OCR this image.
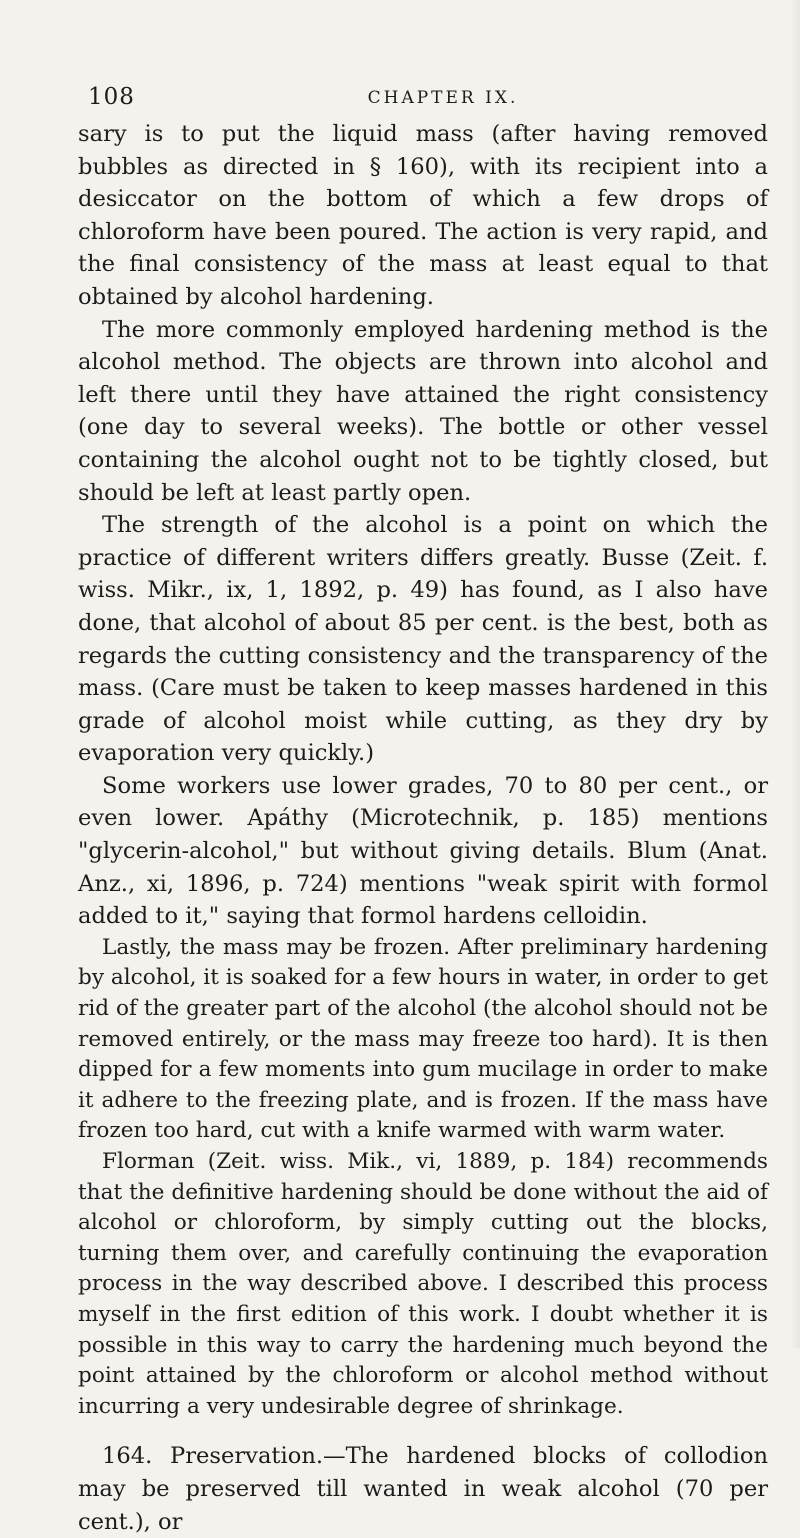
108	CHAPTER IX.

sary is to put the liquid mass (after having removed bubbles as directed in § 160), with its recipient into a desiccator on the bottom of which a few drops of chloroform have been poured. The action is very rapid, and the final consistency of the mass at least equal to that obtained by alcohol hardening.

The more commonly employed hardening method is the alcohol method. The objects are thrown into alcohol and left there until they have attained the right consistency (one day to several weeks). The bottle or other vessel containing the alcohol ought not to be tightly closed, but should be left at least partly open.

The strength of the alcohol is a point on which the practice of different writers differs greatly. Busse (Zeit. f. wiss. Mikr., ix, 1, 1892, p. 49) has found, as I also have done, that alcohol of about 85 per cent. is the best, both as regards the cutting consistency and the transparency of the mass. (Care must be taken to keep masses hardened in this grade of alcohol moist while cutting, as they dry by evaporation very quickly.)

Some workers use lower grades, 70 to 80 per cent., or even lower. Apáthy (Microtechnik, p. 185) mentions "glycerin-alcohol," but without giving details. Blum (Anat. Anz., xi, 1896, p. 724) mentions "weak spirit with formol added to it," saying that formol hardens celloidin.

Lastly, the mass may be frozen. After preliminary hardening by alcohol, it is soaked for a few hours in water, in order to get rid of the greater part of the alcohol (the alcohol should not be removed entirely, or the mass may freeze too hard). It is then dipped for a few moments into gum mucilage in order to make it adhere to the freezing plate, and is frozen. If the mass have frozen too hard, cut with a knife warmed with warm water.

Florman (Zeit. wiss. Mik., vi, 1889, p. 184) recommends that the definitive hardening should be done without the aid of alcohol or chloroform, by simply cutting out the blocks, turning them over, and carefully continuing the evaporation process in the way described above. I described this process myself in the first edition of this work. I doubt whether it is possible in this way to carry the hardening much beyond the point attained by the chloroform or alcohol method without incurring a very undesirable degree of shrinkage.

164. Preservation.—The hardened blocks of collodion may be preserved till wanted in weak alcohol (70 per cent.), or
